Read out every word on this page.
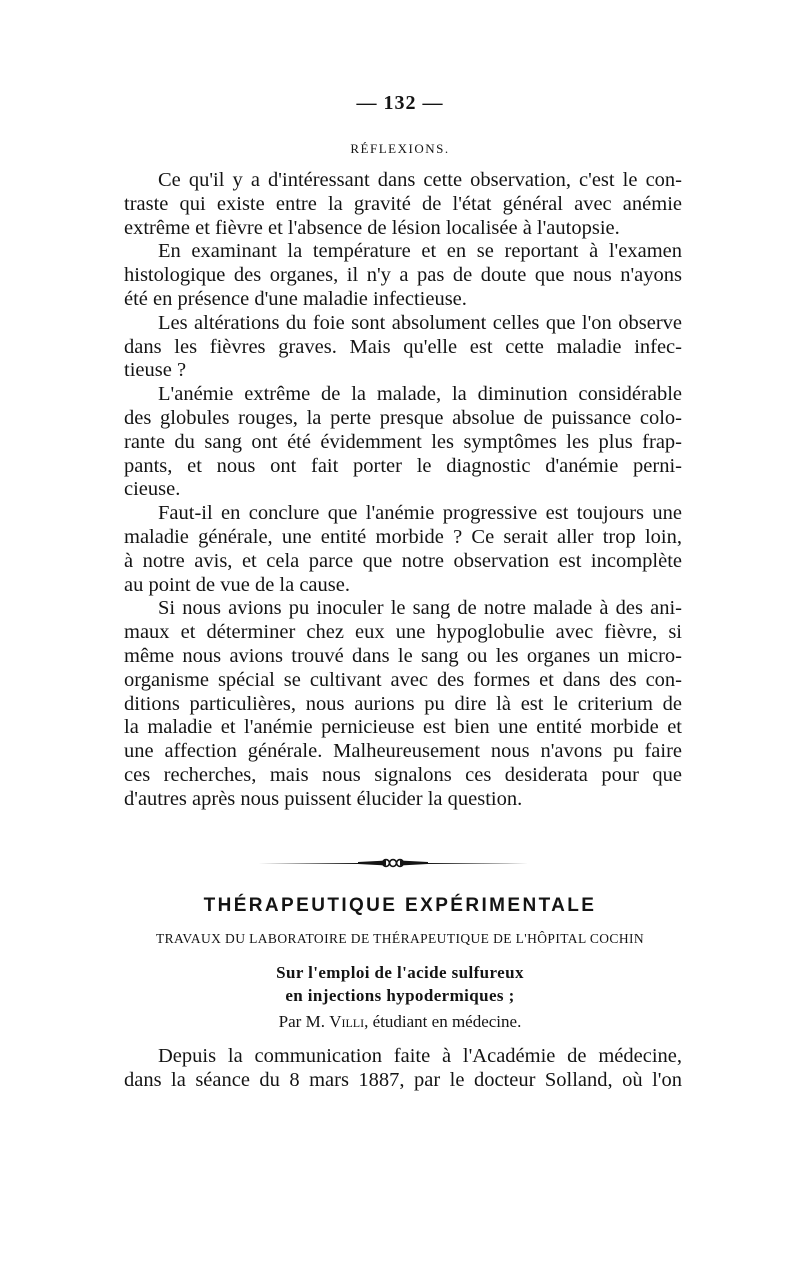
— 132 —
RÉFLEXIONS.
Ce qu'il y a d'intéressant dans cette observation, c'est le con-
traste qui existe entre la gravité de l'état général avec anémie
extrême et fièvre et l'absence de lésion localisée à l'autopsie.
En examinant la température et en se reportant à l'examen
histologique des organes, il n'y a pas de doute que nous n'ayons
été en présence d'une maladie infectieuse.
Les altérations du foie sont absolument celles que l'on observe
dans les fièvres graves. Mais qu'elle est cette maladie infec-
tieuse ?
L'anémie extrême de la malade, la diminution considérable
des globules rouges, la perte presque absolue de puissance colo-
rante du sang ont été évidemment les symptômes les plus frap-
pants, et nous ont fait porter le diagnostic d'anémie perni-
cieuse.
Faut-il en conclure que l'anémie progressive est toujours une
maladie générale, une entité morbide ? Ce serait aller trop loin,
à notre avis, et cela parce que notre observation est incomplète
au point de vue de la cause.
Si nous avions pu inoculer le sang de notre malade à des ani-
maux et déterminer chez eux une hypoglobulie avec fièvre, si
même nous avions trouvé dans le sang ou les organes un micro-
organisme spécial se cultivant avec des formes et dans des con-
ditions particulières, nous aurions pu dire là est le criterium de
la maladie et l'anémie pernicieuse est bien une entité morbide et
une affection générale. Malheureusement nous n'avons pu faire
ces recherches, mais nous signalons ces desiderata pour que
d'autres après nous puissent élucider la question.
THÉRAPEUTIQUE EXPÉRIMENTALE
TRAVAUX DU LABORATOIRE DE THÉRAPEUTIQUE DE L'HÔPITAL COCHIN
Sur l'emploi de l'acide sulfureux
en injections hypodermiques ;
Par M. Villi, étudiant en médecine.
Depuis la communication faite à l'Académie de médecine,
dans la séance du 8 mars 1887, par le docteur Solland, où l'on
